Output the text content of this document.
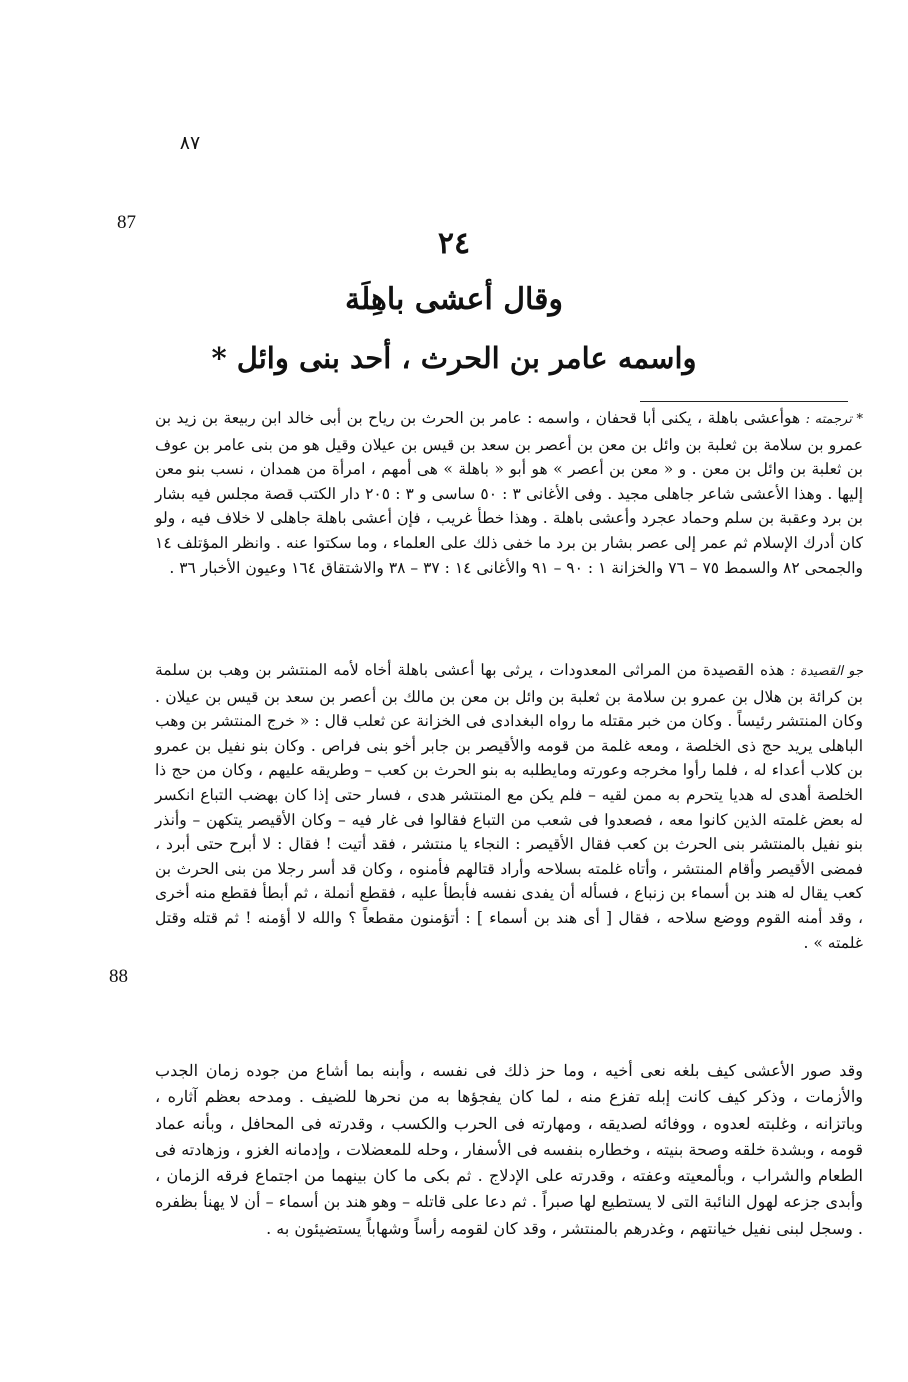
٨٧
87
88
٢٤
وقال أعشى باهِلَة
واسمه عامر بن الحرث ، أحد بنى وائل *
* ترجمته : هوأعشى باهلة ، يكنى أبا قحفان ، واسمه : عامر بن الحرث بن رياح بن أبى خالد ابن ربيعة بن زيد بن عمرو بن سلامة بن ثعلبة بن وائل بن معن بن أعصر بن سعد بن قيس بن عيلان وقيل هو من بنى عامر بن عوف بن ثعلبة بن وائل بن معن . و « معن بن أعصر » هو أبو « باهلة » هى أمهم ، امرأة من همدان ، نسب بنو معن إليها . وهذا الأعشى شاعر جاهلى مجيد . وفى الأغانى ٣ : ٥٠ ساسى و ٣ : ٢٠٥ دار الكتب قصة مجلس فيه بشار بن برد وعقبة بن سلم وحماد عجرد وأعشى باهلة . وهذا خطأ غريب ، فإن أعشى باهلة جاهلى لا خلاف فيه ، ولو كان أدرك الإسلام ثم عمر إلى عصر بشار بن برد ما خفى ذلك على العلماء ، وما سكتوا عنه . وانظر المؤتلف ١٤ والجمحى ٨٢ والسمط ٧٥ – ٧٦ والخزانة ١ : ٩٠ – ٩١ والأغانى ١٤ : ٣٧ – ٣٨ والاشتقاق ١٦٤ وعيون الأخبار ٣٦ .
جو القصيدة : هذه القصيدة من المراثى المعدودات ، يرثى بها أعشى باهلة أخاه لأمه المنتشر بن وهب بن سلمة بن كرائة بن هلال بن عمرو بن سلامة بن ثعلبة بن وائل بن معن بن مالك بن أعصر بن سعد بن قيس بن عيلان . وكان المنتشر رئيساً . وكان من خبر مقتله ما رواه البغدادى فى الخزانة عن ثعلب قال : « خرج المنتشر بن وهب الباهلى يريد حج ذى الخلصة ، ومعه غلمة من قومه والأقيصر بن جابر أخو بنى فراص . وكان بنو نفيل بن عمرو بن كلاب أعداء له ، فلما رأوا مخرجه وعورته ومايطلبه به بنو الحرث بن كعب – وطريقه عليهم ، وكان من حج ذا الخلصة أهدى له هديا يتحرم به ممن لقيه – فلم يكن مع المنتشر هدى ، فسار حتى إذا كان بهضب التباع انكسر له بعض غلمته الذين كانوا معه ، فصعدوا فى شعب من التباع فقالوا فى غار فيه – وكان الأقيصر يتكهن – وأنذر بنو نفيل بالمنتشر بنى الحرث بن كعب فقال الأقيصر : النجاء يا منتشر ، فقد أتيت ! فقال : لا أبرح حتى أبرد ، فمضى الأقيصر وأقام المنتشر ، وأتاه غلمته بسلاحه وأراد قتالهم فأمنوه ، وكان قد أسر رجلا من بنى الحرث بن كعب يقال له هند بن أسماء بن زنباع ، فسأله أن يفدى نفسه فأبطأ عليه ، فقطع أنملة ، ثم أبطأ فقطع منه أخرى ، وقد أمنه القوم ووضع سلاحه ، فقال [ أى هند بن أسماء ] : أتؤمنون مقطعاً ؟ والله لا أؤمنه ! ثم قتله وقتل غلمته » .
وقد صور الأعشى كيف بلغه نعى أخيه ، وما حز ذلك فى نفسه ، وأبنه بما أشاع من جوده زمان الجدب والأزمات ، وذكر كيف كانت إبله تفزع منه ، لما كان يفجؤها به من نحرها للضيف . ومدحه بعظم آثاره ، وباتزانه ، وغلبته لعدوه ، ووفائه لصديقه ، ومهارته فى الحرب والكسب ، وقدرته فى المحافل ، وبأنه عماد قومه ، وبشدة خلقه وصحة بنيته ، وخطاره بنفسه فى الأسفار ، وحله للمعضلات ، وإدمانه الغزو ، وزهادته فى الطعام والشراب ، وبألمعيته وعفته ، وقدرته على الإدلاج . ثم بكى ما كان بينهما من اجتماع فرقه الزمان ، وأبدى جزعه لهول النائبة التى لا يستطيع لها صبراً . ثم دعا على قاتله – وهو هند بن أسماء – أن لا يهنأ بظفره . وسجل لبنى نفيل خيانتهم ، وغدرهم بالمنتشر ، وقد كان لقومه رأساً وشهاباً يستضيئون به .
